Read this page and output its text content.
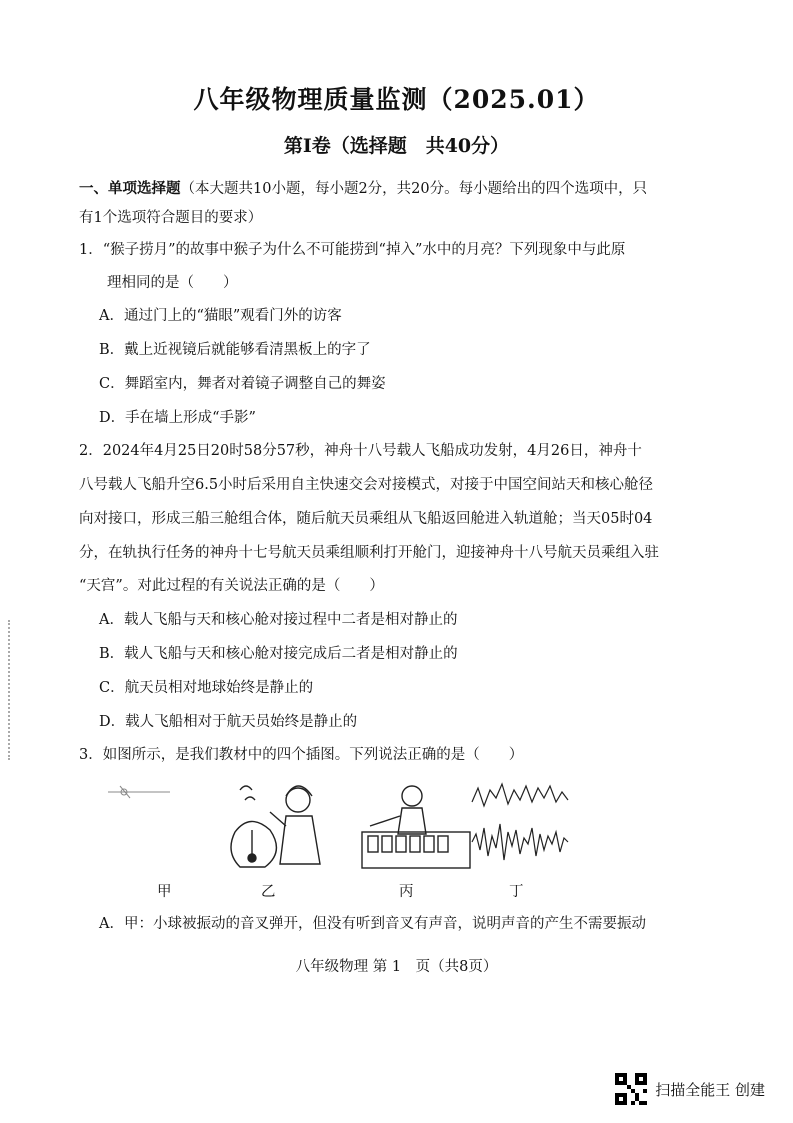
八年级物理质量监测（2025.01）
第Ⅰ卷（选择题　共40分）
一、单项选择题（本大题共10小题，每小题2分，共20分。每小题给出的四个选项中，只
有1个选项符合题目的要求）
1．“猴子捞月”的故事中猴子为什么不可能捞到“掉入”水中的月亮？下列现象中与此原
理相同的是（　　）
A．通过门上的“猫眼”观看门外的访客
B．戴上近视镜后就能够看清黑板上的字了
C．舞蹈室内，舞者对着镜子调整自己的舞姿
D．手在墙上形成“手影”
2．2024年4月25日20时58分57秒，神舟十八号载人飞船成功发射，4月26日，神舟十
八号载人飞船升空6.5小时后采用自主快速交会对接模式，对接于中国空间站天和核心舱径
向对接口，形成三船三舱组合体，随后航天员乘组从飞船返回舱进入轨道舱；当天05时04
分，在轨执行任务的神舟十七号航天员乘组顺利打开舱门，迎接神舟十八号航天员乘组入驻
“天宫”。对此过程的有关说法正确的是（　　）
A．载人飞船与天和核心舱对接过程中二者是相对静止的
B．载人飞船与天和核心舱对接完成后二者是相对静止的
C．航天员相对地球始终是静止的
D．载人飞船相对于航天员始终是静止的
3．如图所示，是我们教材中的四个插图。下列说法正确的是（　　）
甲	乙	丙	丁
A．甲：小球被振动的音叉弹开，但没有听到音叉有声音，说明声音的产生不需要振动
八年级物理 第 1　页（共8页）
扫描全能王 创建
